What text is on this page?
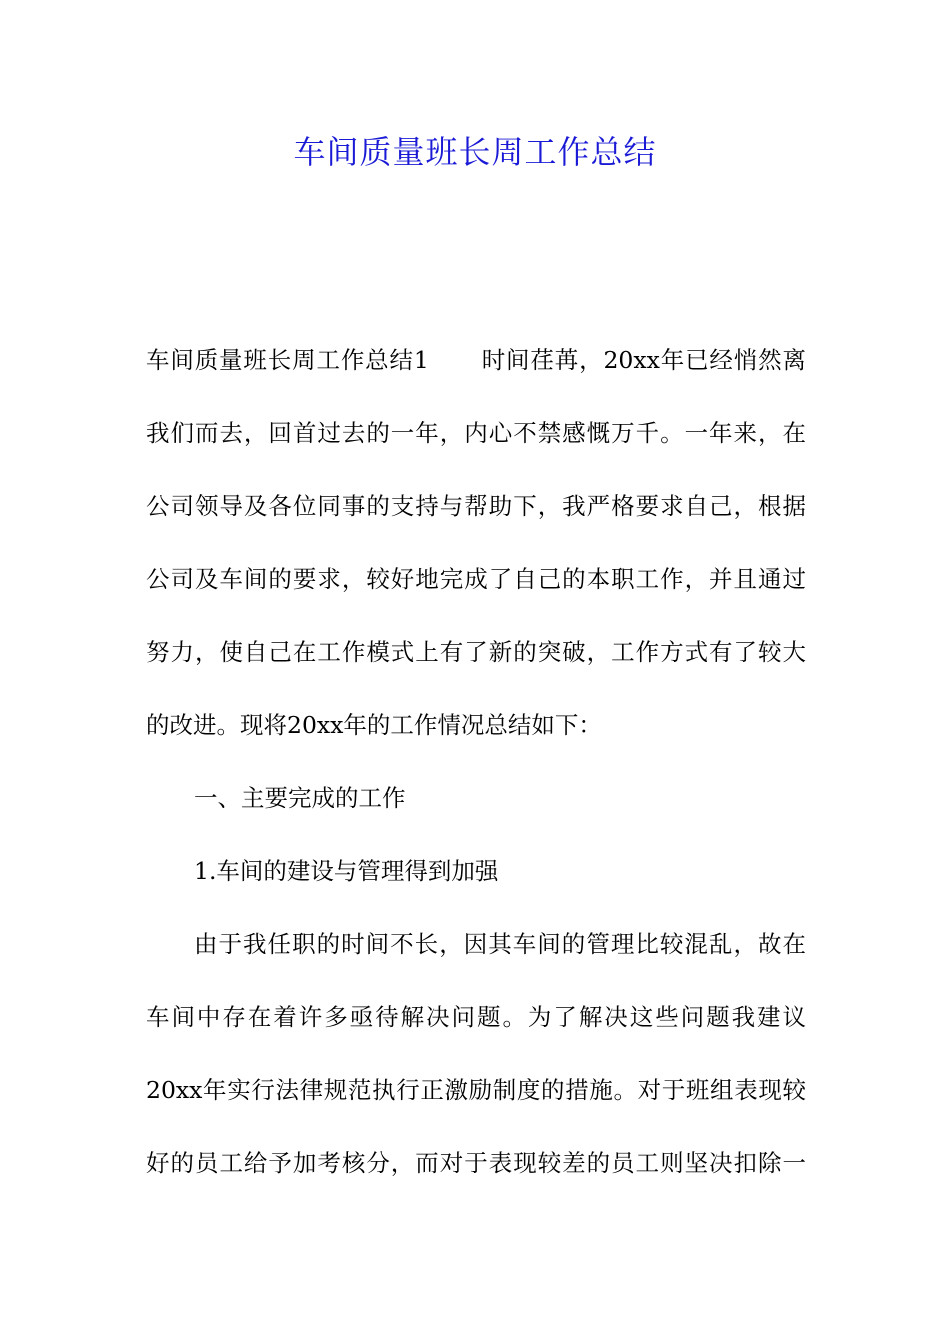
车间质量班长周工作总结
车间质量班长周工作总结1 时间荏苒，20xx年已经悄然离
我们而去，回首过去的一年，内心不禁感慨万千。一年来，在
公司领导及各位同事的支持与帮助下，我严格要求自己，根据
公司及车间的要求，较好地完成了自己的本职工作，并且通过
努力，使自己在工作模式上有了新的突破，工作方式有了较大
的改进。现将20xx年的工作情况总结如下：
一、主要完成的工作
1.车间的建设与管理得到加强
由于我任职的时间不长，因其车间的管理比较混乱，故在
车间中存在着许多亟待解决问题。为了解决这些问题我建议
20xx年实行法律规范执行正激励制度的措施。对于班组表现较
好的员工给予加考核分，而对于表现较差的员工则坚决扣除一
